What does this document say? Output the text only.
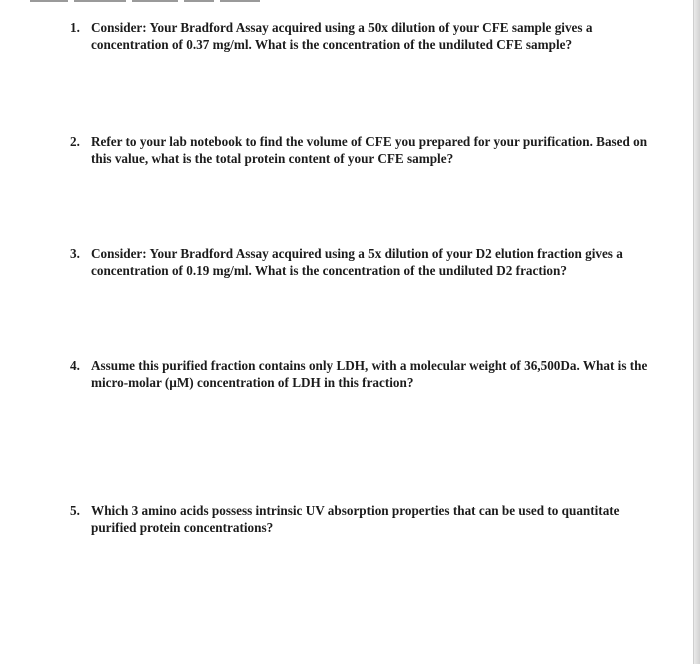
1. Consider: Your Bradford Assay acquired using a 50x dilution of your CFE sample gives a concentration of 0.37 mg/ml. What is the concentration of the undiluted CFE sample?
2. Refer to your lab notebook to find the volume of CFE you prepared for your purification. Based on this value, what is the total protein content of your CFE sample?
3. Consider: Your Bradford Assay acquired using a 5x dilution of your D2 elution fraction gives a concentration of 0.19 mg/ml. What is the concentration of the undiluted D2 fraction?
4. Assume this purified fraction contains only LDH, with a molecular weight of 36,500Da. What is the micro-molar (µM) concentration of LDH in this fraction?
5. Which 3 amino acids possess intrinsic UV absorption properties that can be used to quantitate purified protein concentrations?
